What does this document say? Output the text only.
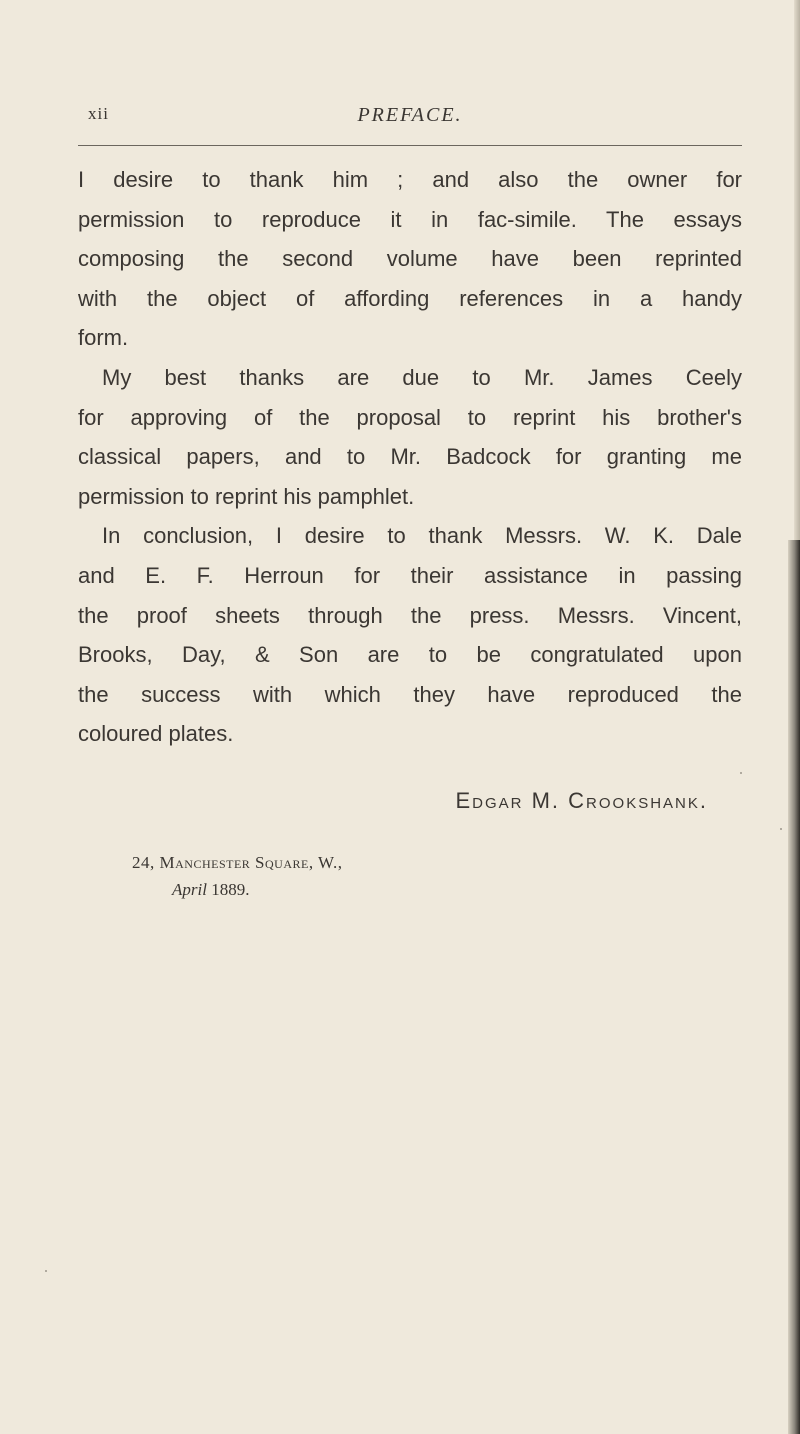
xii	PREFACE.
I desire to thank him ; and also the owner for
permission to reproduce it in fac-simile. The essays
composing the second volume have been reprinted
with the object of affording references in a handy
form.
My best thanks are due to Mr. James Ceely
for approving of the proposal to reprint his brother's
classical papers, and to Mr. Badcock for granting me
permission to reprint his pamphlet.
In conclusion, I desire to thank Messrs. W. K. Dale
and E. F. Herroun for their assistance in passing
the proof sheets through the press. Messrs. Vincent,
Brooks, Day, & Son are to be congratulated upon
the success with which they have reproduced the
coloured plates.
Edgar M. Crookshank.
24, Manchester Square, W.,
April 1889.
